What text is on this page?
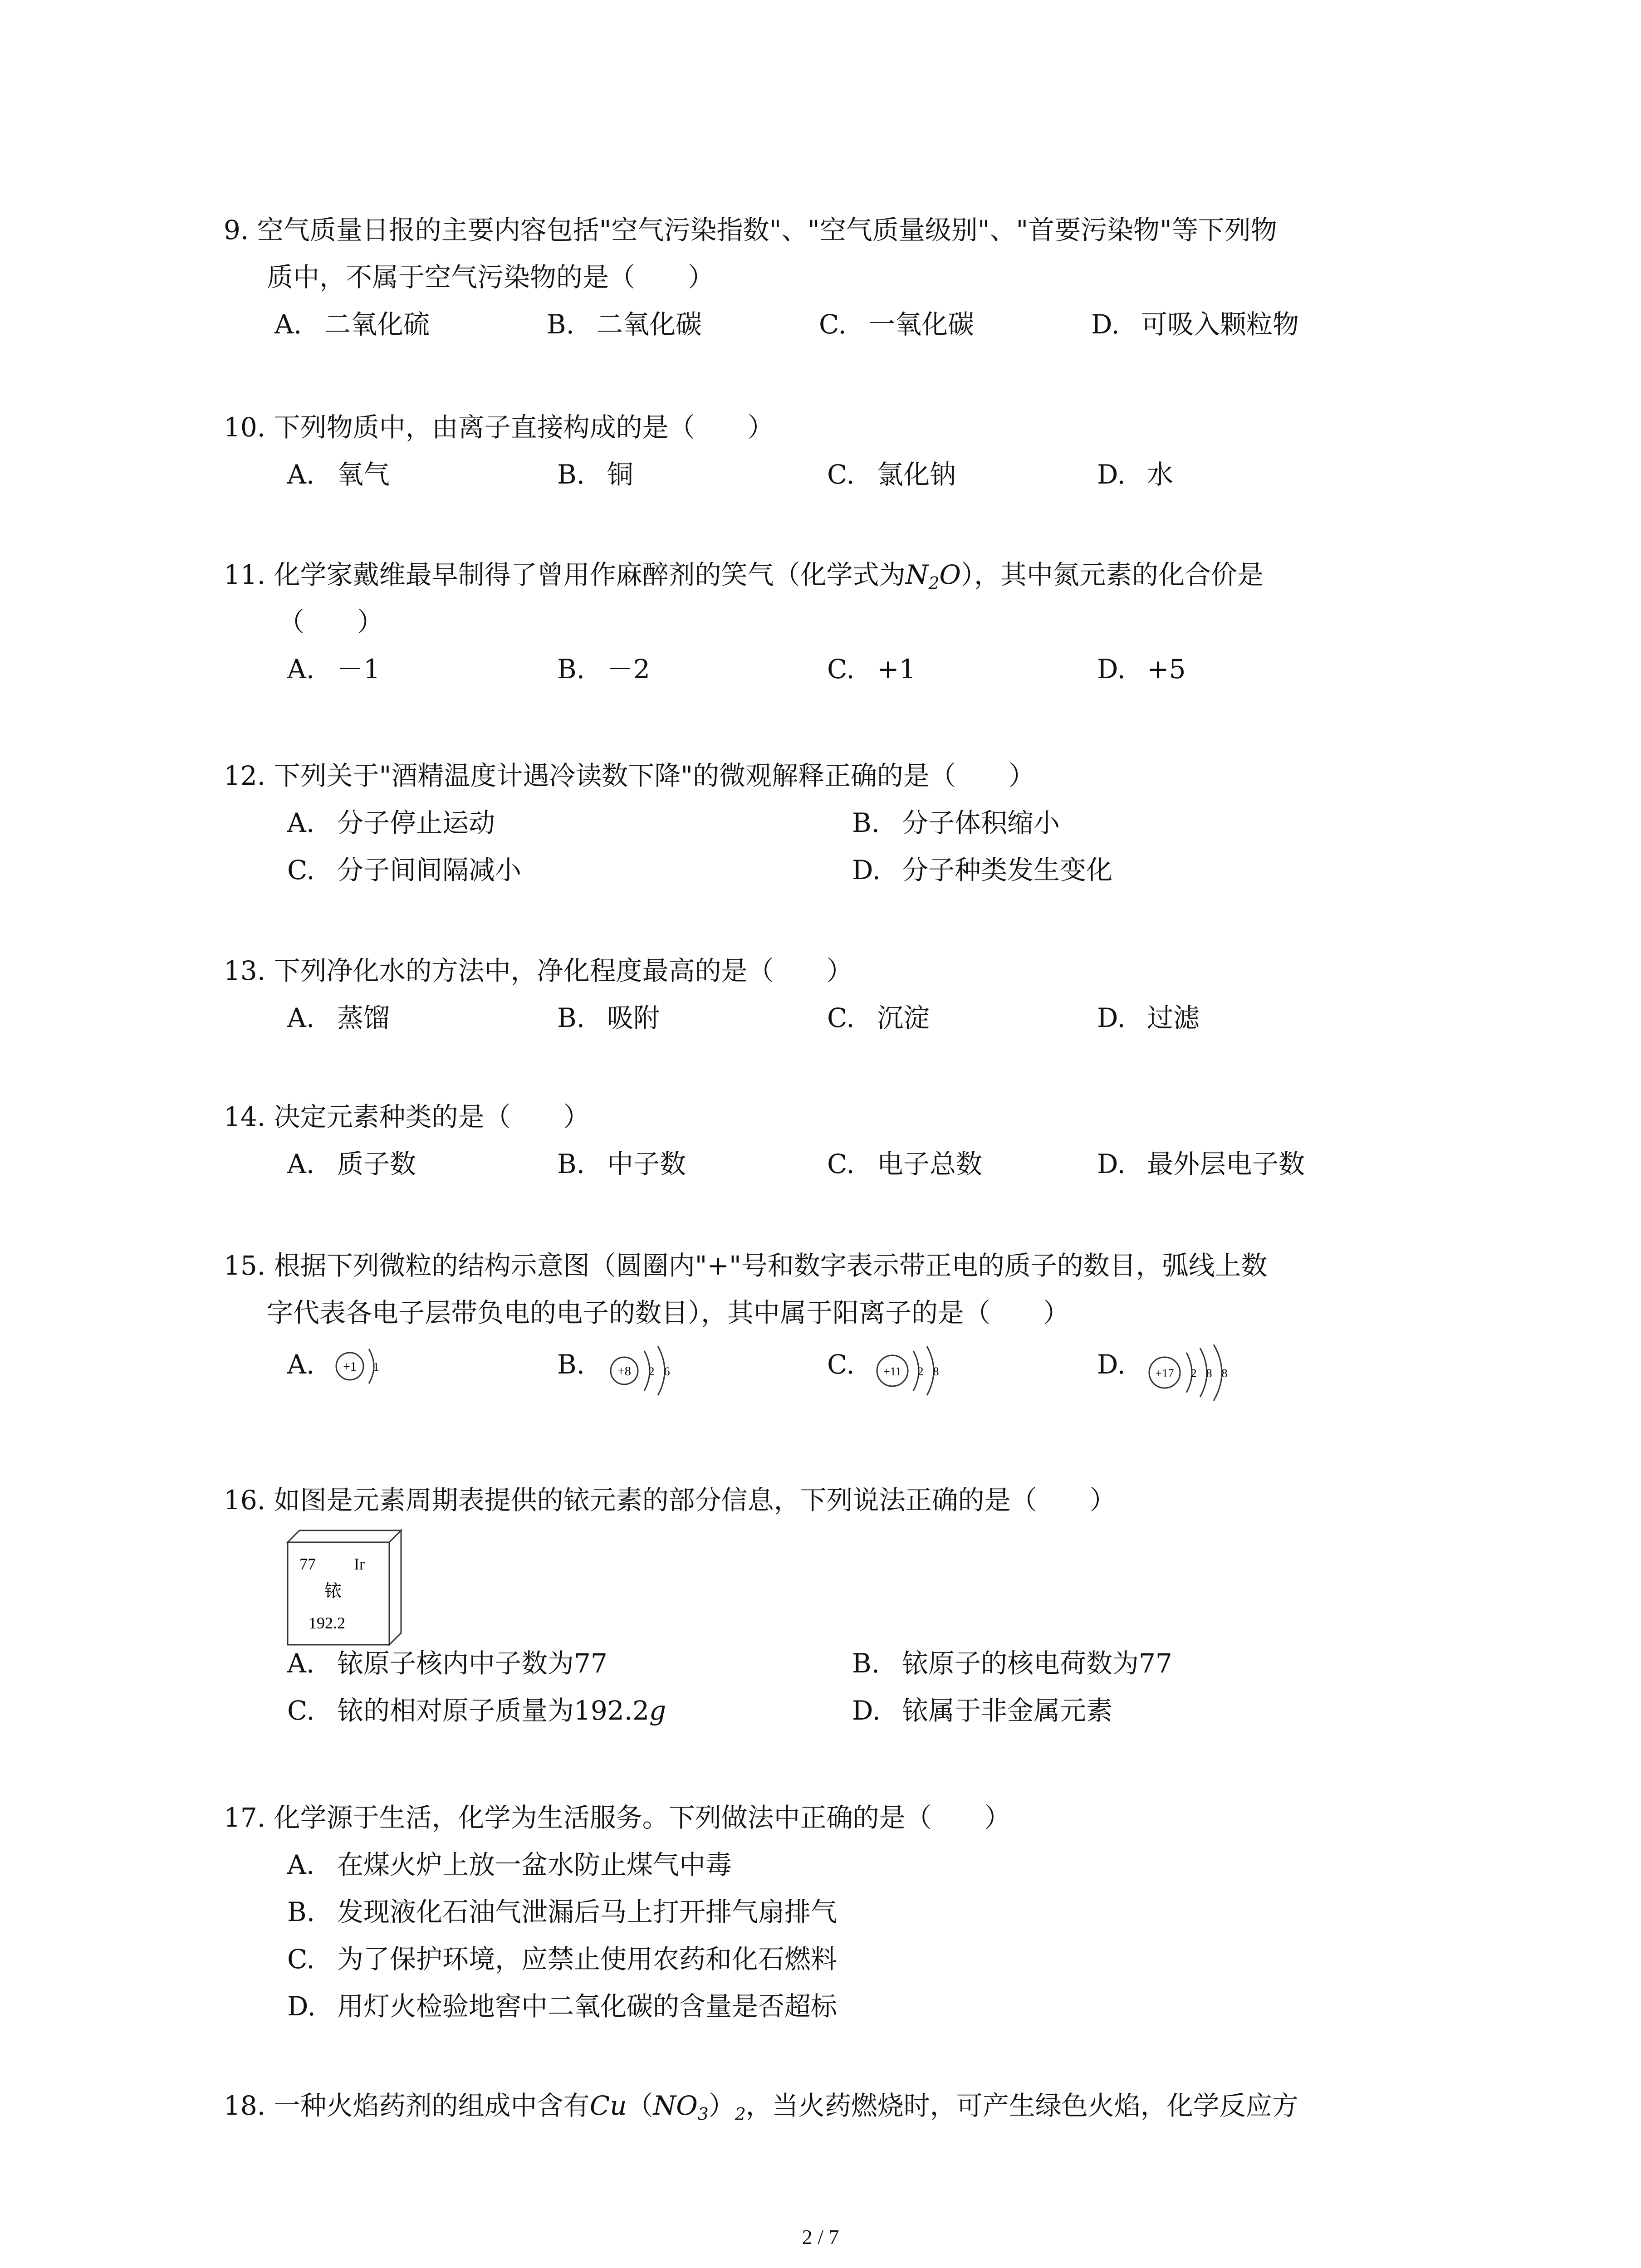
9. 空气质量日报的主要内容包括"空气污染指数"、"空气质量级别"、"首要污染物"等下列物
质中，不属于空气污染物的是（　　）
A. 二氧化硫	B. 二氧化碳	C. 一氧化碳	D. 可吸入颗粒物
10. 下列物质中，由离子直接构成的是（　　）
A. 氧气	B. 铜	C. 氯化钠	D. 水
11. 化学家戴维最早制得了曾用作麻醉剂的笑气（化学式为$N_2O$），其中氮元素的化合价是
（　　）
A. －1	B. －2	C. +1	D. +5
12. 下列关于"酒精温度计遇冷读数下降"的微观解释正确的是（　　）
A. 分子停止运动	B. 分子体积缩小
C. 分子间间隔减小	D. 分子种类发生变化
13. 下列净化水的方法中，净化程度最高的是（　　）
A. 蒸馏	B. 吸附	C. 沉淀	D. 过滤
14. 决定元素种类的是（　　）
A. 质子数	B. 中子数	C. 电子总数	D. 最外层电子数
15. 根据下列微粒的结构示意图（圆圈内"+"号和数字表示带正电的质子的数目，弧线上数
字代表各电子层带负电的电子的数目），其中属于阳离子的是（　　）
A.	+1 1	B.	+8 2 6	C.	+11 2 8	D.	+17 2 8 8
16. 如图是元素周期表提供的铱元素的部分信息，下列说法正确的是（　　）
77 Ir
铱
192.2
A. 铱原子核内中子数为77	B. 铱原子的核电荷数为77
C. 铱的相对原子质量为192.2g	D. 铱属于非金属元素
17. 化学源于生活，化学为生活服务。下列做法中正确的是（　　）
A. 在煤火炉上放一盆水防止煤气中毒
B. 发现液化石油气泄漏后马上打开排气扇排气
C. 为了保护环境，应禁止使用农药和化石燃料
D. 用灯火检验地窖中二氧化碳的含量是否超标
18. 一种火焰药剂的组成中含有$Cu(NO_3)_2$，当火药燃烧时，可产生绿色火焰，化学反应方
2 / 7
